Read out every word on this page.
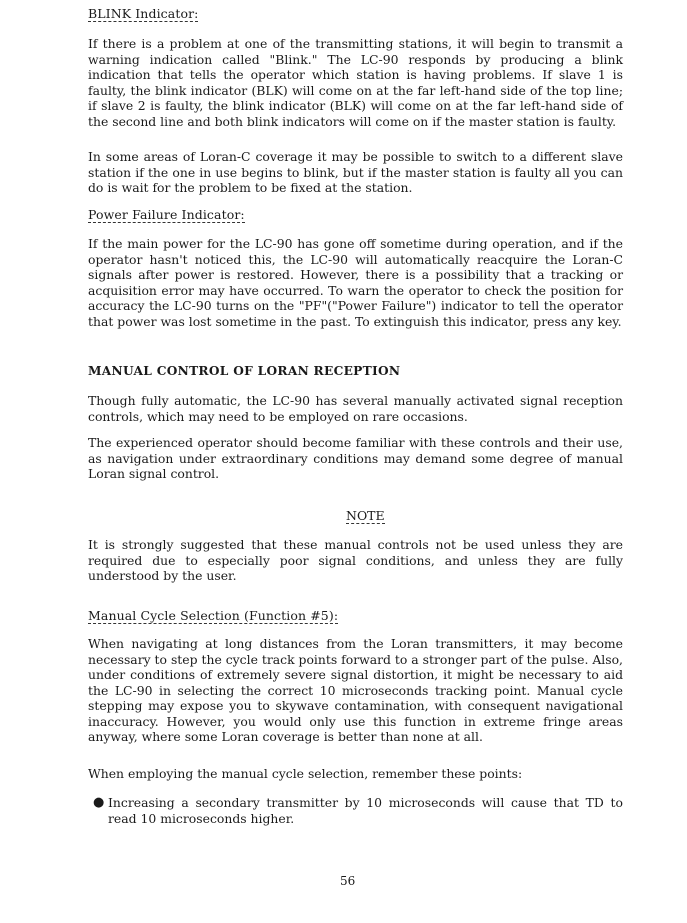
BLINK Indicator:

If there is a problem at one of the transmitting stations, it will begin to transmit a warning indication called "Blink." The LC-90 responds by producing a blink indication that tells the operator which station is having problems. If slave 1 is faulty, the blink indicator (BLK) will come on at the far left-hand side of the top line; if slave 2 is faulty, the blink indicator (BLK) will come on at the far left-hand side of the second line and both blink indicators will come on if the master station is faulty.

In some areas of Loran-C coverage it may be possible to switch to a different slave station if the one in use begins to blink, but if the master station is faulty all you can do is wait for the problem to be fixed at the station.

Power Failure Indicator:

If the main power for the LC-90 has gone off sometime during operation, and if the operator hasn't noticed this, the LC-90 will automatically reacquire the Loran-C signals after power is restored. However, there is a possibility that a tracking or acquisition error may have occurred. To warn the operator to check the position for accuracy the LC-90 turns on the "PF"("Power Failure") indicator to tell the operator that power was lost sometime in the past. To extinguish this indicator, press any key.

MANUAL CONTROL OF LORAN RECEPTION

Though fully automatic, the LC-90 has several manually activated signal reception controls, which may need to be employed on rare occasions.

The experienced operator should become familiar with these controls and their use, as navigation under extraordinary conditions may demand some degree of manual Loran signal control.

NOTE

It is strongly suggested that these manual controls not be used unless they are required due to especially poor signal conditions, and unless they are fully understood by the user.

Manual Cycle Selection (Function #5):

When navigating at long distances from the Loran transmitters, it may become necessary to step the cycle track points forward to a stronger part of the pulse. Also, under conditions of extremely severe signal distortion, it might be necessary to aid the LC-90 in selecting the correct 10 microseconds tracking point. Manual cycle stepping may expose you to skywave contamination, with consequent navigational inaccuracy. However, you would only use this function in extreme fringe areas anyway, where some Loran coverage is better than none at all.

When employing the manual cycle selection, remember these points:

● Increasing a secondary transmitter by 10 microseconds will cause that TD to read 10 microseconds higher.
56
